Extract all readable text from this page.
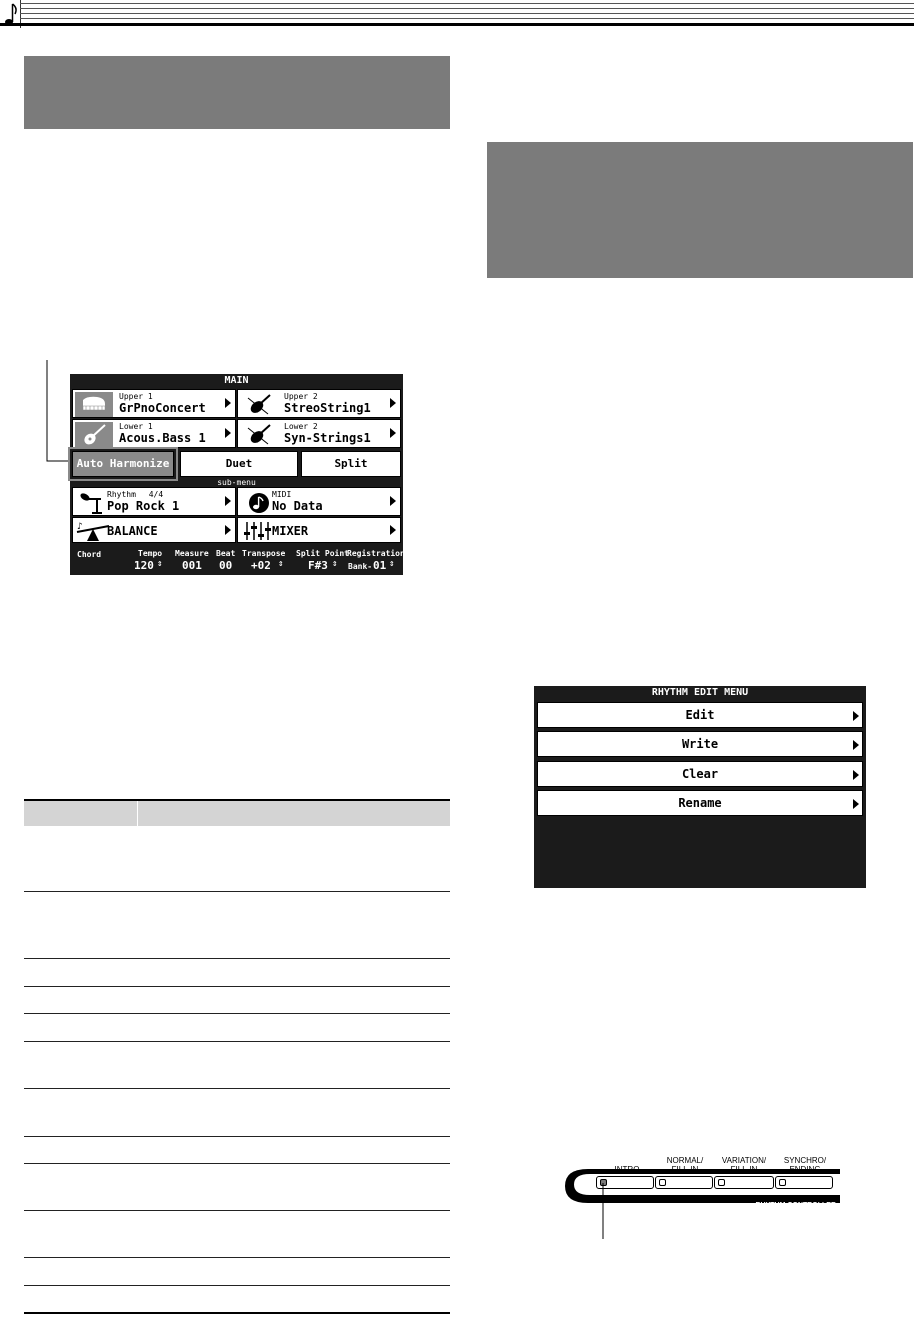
MAIN
Upper 1
GrPnoConcert
Upper 2
StreoString1
Lower 1
Acous.Bass 1
Lower 2
Syn-Strings1
Auto Harmonize	Duet	Split
sub-menu
Rhythm 4/4
Pop Rock 1
MIDI
No Data
♪ BALANCE	MIXER
Chord	Tempo
120 ⇕
Measure
001
Beat
00
Transpose
+02 ⇕
Split Point
F#3 ⇕
Registration
Bank- 01 ⇕
RHYTHM EDIT MENU
Edit
Write
Clear
Rename
INTRO
NORMAL/
FILL-IN
VARIATION/
FILL-IN
SYNCHRO/
ENDING
RHYTHM CONTROLLER
